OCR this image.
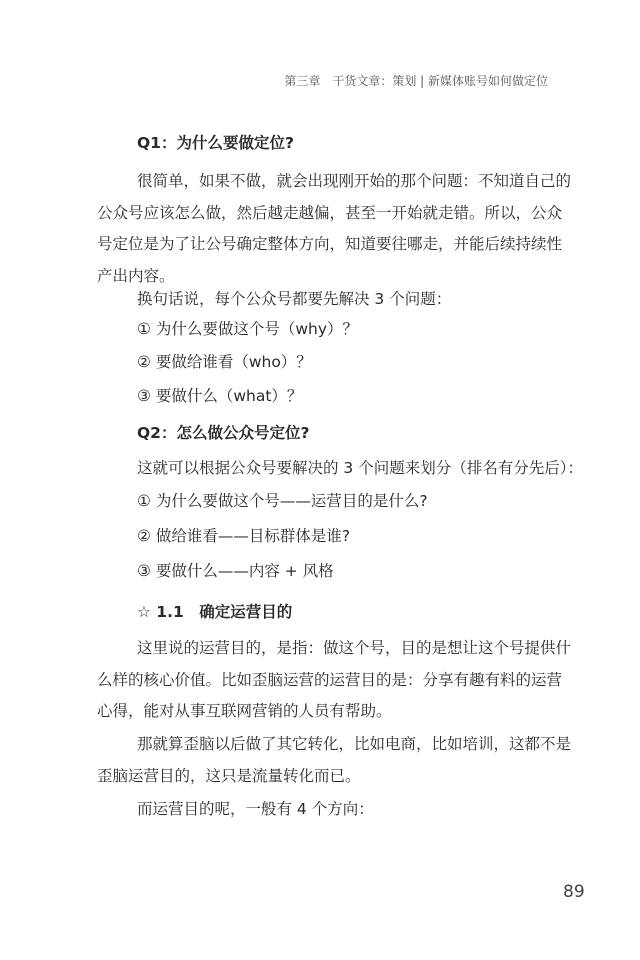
第三章　干货文章：策划 | 新媒体账号如何做定位
Q1：为什么要做定位?
很简单，如果不做，就会出现刚开始的那个问题：不知道自己的
公众号应该怎么做，然后越走越偏，甚至一开始就走错。所以，公众
号定位是为了让公号确定整体方向，知道要往哪走，并能后续持续性
产出内容。
换句话说，每个公众号都要先解决 3 个问题：
① 为什么要做这个号（why）？
② 要做给谁看（who）？
③ 要做什么（what）？
Q2：怎么做公众号定位?
这就可以根据公众号要解决的 3 个问题来划分（排名有分先后）：
① 为什么要做这个号——运营目的是什么?
② 做给谁看——目标群体是谁?
③ 要做什么——内容 + 风格
☆ 1.1　确定运营目的
这里说的运营目的，是指：做这个号，目的是想让这个号提供什
么样的核心价值。比如歪脑运营的运营目的是：分享有趣有料的运营
心得，能对从事互联网营销的人员有帮助。
那就算歪脑以后做了其它转化，比如电商，比如培训，这都不是
歪脑运营目的，这只是流量转化而已。
而运营目的呢，一般有 4 个方向：
89
